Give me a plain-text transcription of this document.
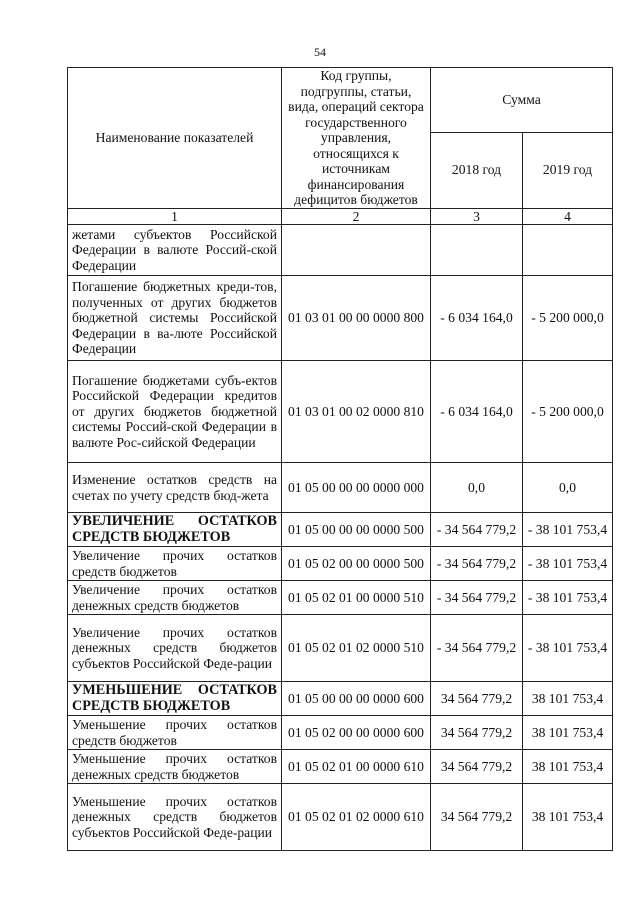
54
Наименование показателей	Код группы, подгруппы, статьи, вида, операций сектора государственного управления, относящихся к источникам финансирования дефицитов бюджетов	Сумма	
		2018 год	2019 год
1	2	3	4
жетами субъектов Российской Федерации в валюте Россий-ской Федерации			
Погашение бюджетных креди-тов, полученных от других бюджетов бюджетной системы Российской Федерации в ва-люте Российской Федерации	01 03 01 00 00 0000 800	- 6 034 164,0	- 5 200 000,0
Погашение бюджетами субъ-ектов Российской Федерации кредитов от других бюджетов бюджетной системы Россий-ской Федерации в валюте Рос-сийской Федерации	01 03 01 00 02 0000 810	- 6 034 164,0	- 5 200 000,0
Изменение остатков средств на счетах по учету средств бюд-жета	01 05 00 00 00 0000 000	0,0	0,0
УВЕЛИЧЕНИЕ ОСТАТКОВ СРЕДСТВ БЮДЖЕТОВ	01 05 00 00 00 0000 500	- 34 564 779,2	- 38 101 753,4
Увеличение прочих остатков средств бюджетов	01 05 02 00 00 0000 500	- 34 564 779,2	- 38 101 753,4
Увеличение прочих остатков денежных средств бюджетов	01 05 02 01 00 0000 510	- 34 564 779,2	- 38 101 753,4
Увеличение прочих остатков денежных средств бюджетов субъектов Российской Феде-рации	01 05 02 01 02 0000 510	- 34 564 779,2	- 38 101 753,4
УМЕНЬШЕНИЕ ОСТАТКОВ СРЕДСТВ БЮДЖЕТОВ	01 05 00 00 00 0000 600	34 564 779,2	38 101 753,4
Уменьшение прочих остатков средств бюджетов	01 05 02 00 00 0000 600	34 564 779,2	38 101 753,4
Уменьшение прочих остатков денежных средств бюджетов	01 05 02 01 00 0000 610	34 564 779,2	38 101 753,4
Уменьшение прочих остатков денежных средств бюджетов субъектов Российской Феде-рации	01 05 02 01 02 0000 610	34 564 779,2	38 101 753,4
